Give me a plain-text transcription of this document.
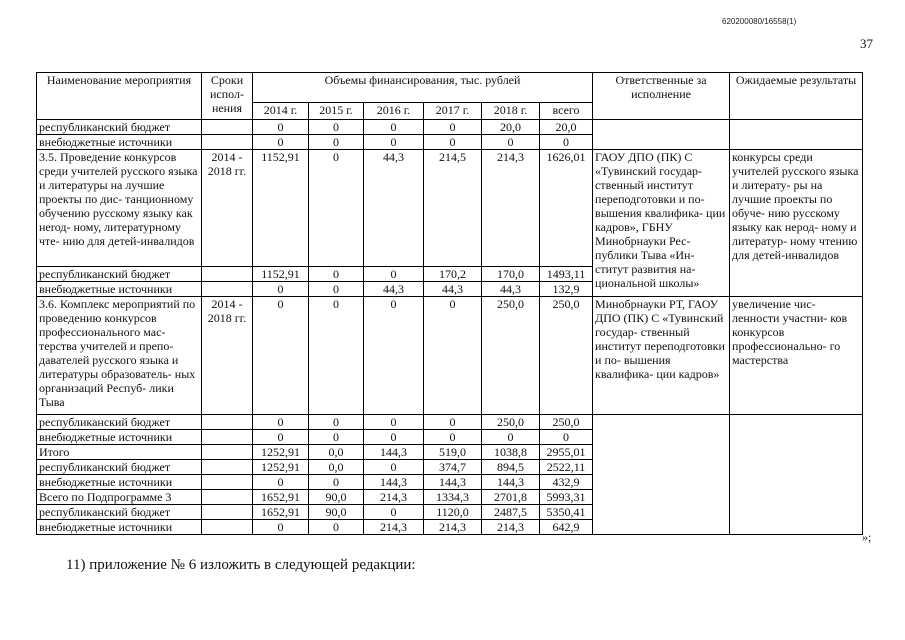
620200080/16558(1)
37
Наименование мероприятия	Сроки испол- нения	Объемы финансирования, тыс. рублей						Ответственные за исполнение	Ожидаемые результаты
		2014 г.	2015 г.	2016 г.	2017 г.	2018 г.	всего		
республиканский бюджет		0	0	0	0	20,0	20,0		
внебюджетные источники		0	0	0	0	0	0		
3.5. Проведение конкурсов среди учителей русского языка и литературы на лучшие проекты по дис- танционному обучению русскому языку как неrод- ному, литературному чте- нию для детей-инвалидов	2014 - 2018 гг.	1152,91	0	44,3	214,5	214,3	1626,01	ГАОУ ДПО (ПК) С «Тувинский государ- ственный институт переподготовки и по- вышения квалифика- ции кадров», ГБНУ Минобрнауки Рес- публики Тыва «Ин- ститут развития на- циональной школы»	конкурсы среди учителей русского языка и литерату- ры на лучшие проекты по обуче- нию русскому языку как нерод- ному и литератур- ному чтению для детей-инвалидов
республиканский бюджет		1152,91	0	0	170,2	170,0	1493,11		
внебюджетные источники		0	0	44,3	44,3	44,3	132,9		
3.6. Комплекс мероприятий по проведению конкурсов профессионального мас- терства учителей и препо- давателей русского языка и литературы образователь- ных организаций Респуб- лики Тыва	2014 - 2018 гг.	0	0	0	0	250,0	250,0	Минобрнауки РТ, ГАОУ ДПО (ПК) С «Тувинский государ- ственный институт переподготовки и по- вышения квалифика- ции кадров»	увеличение чис- ленности участни- ков конкурсов профессионально- го мастерства
республиканский бюджет		0	0	0	0	250,0	250,0		
внебюджетные источники		0	0	0	0	0	0		
Итого		1252,91	0,0	144,3	519,0	1038,8	2955,01		
республиканский бюджет		1252,91	0,0	0	374,7	894,5	2522,11		
внебюджетные источники		0	0	144,3	144,3	144,3	432,9		
Всего по Подпрограмме 3		1652,91	90,0	214,3	1334,3	2701,8	5993,31		
республиканский бюджет		1652,91	90,0	0	1120,0	2487,5	5350,41		
внебюджетные источники		0	0	214,3	214,3	214,3	642,9		
»;
11) приложение № 6 изложить в следующей редакции:
